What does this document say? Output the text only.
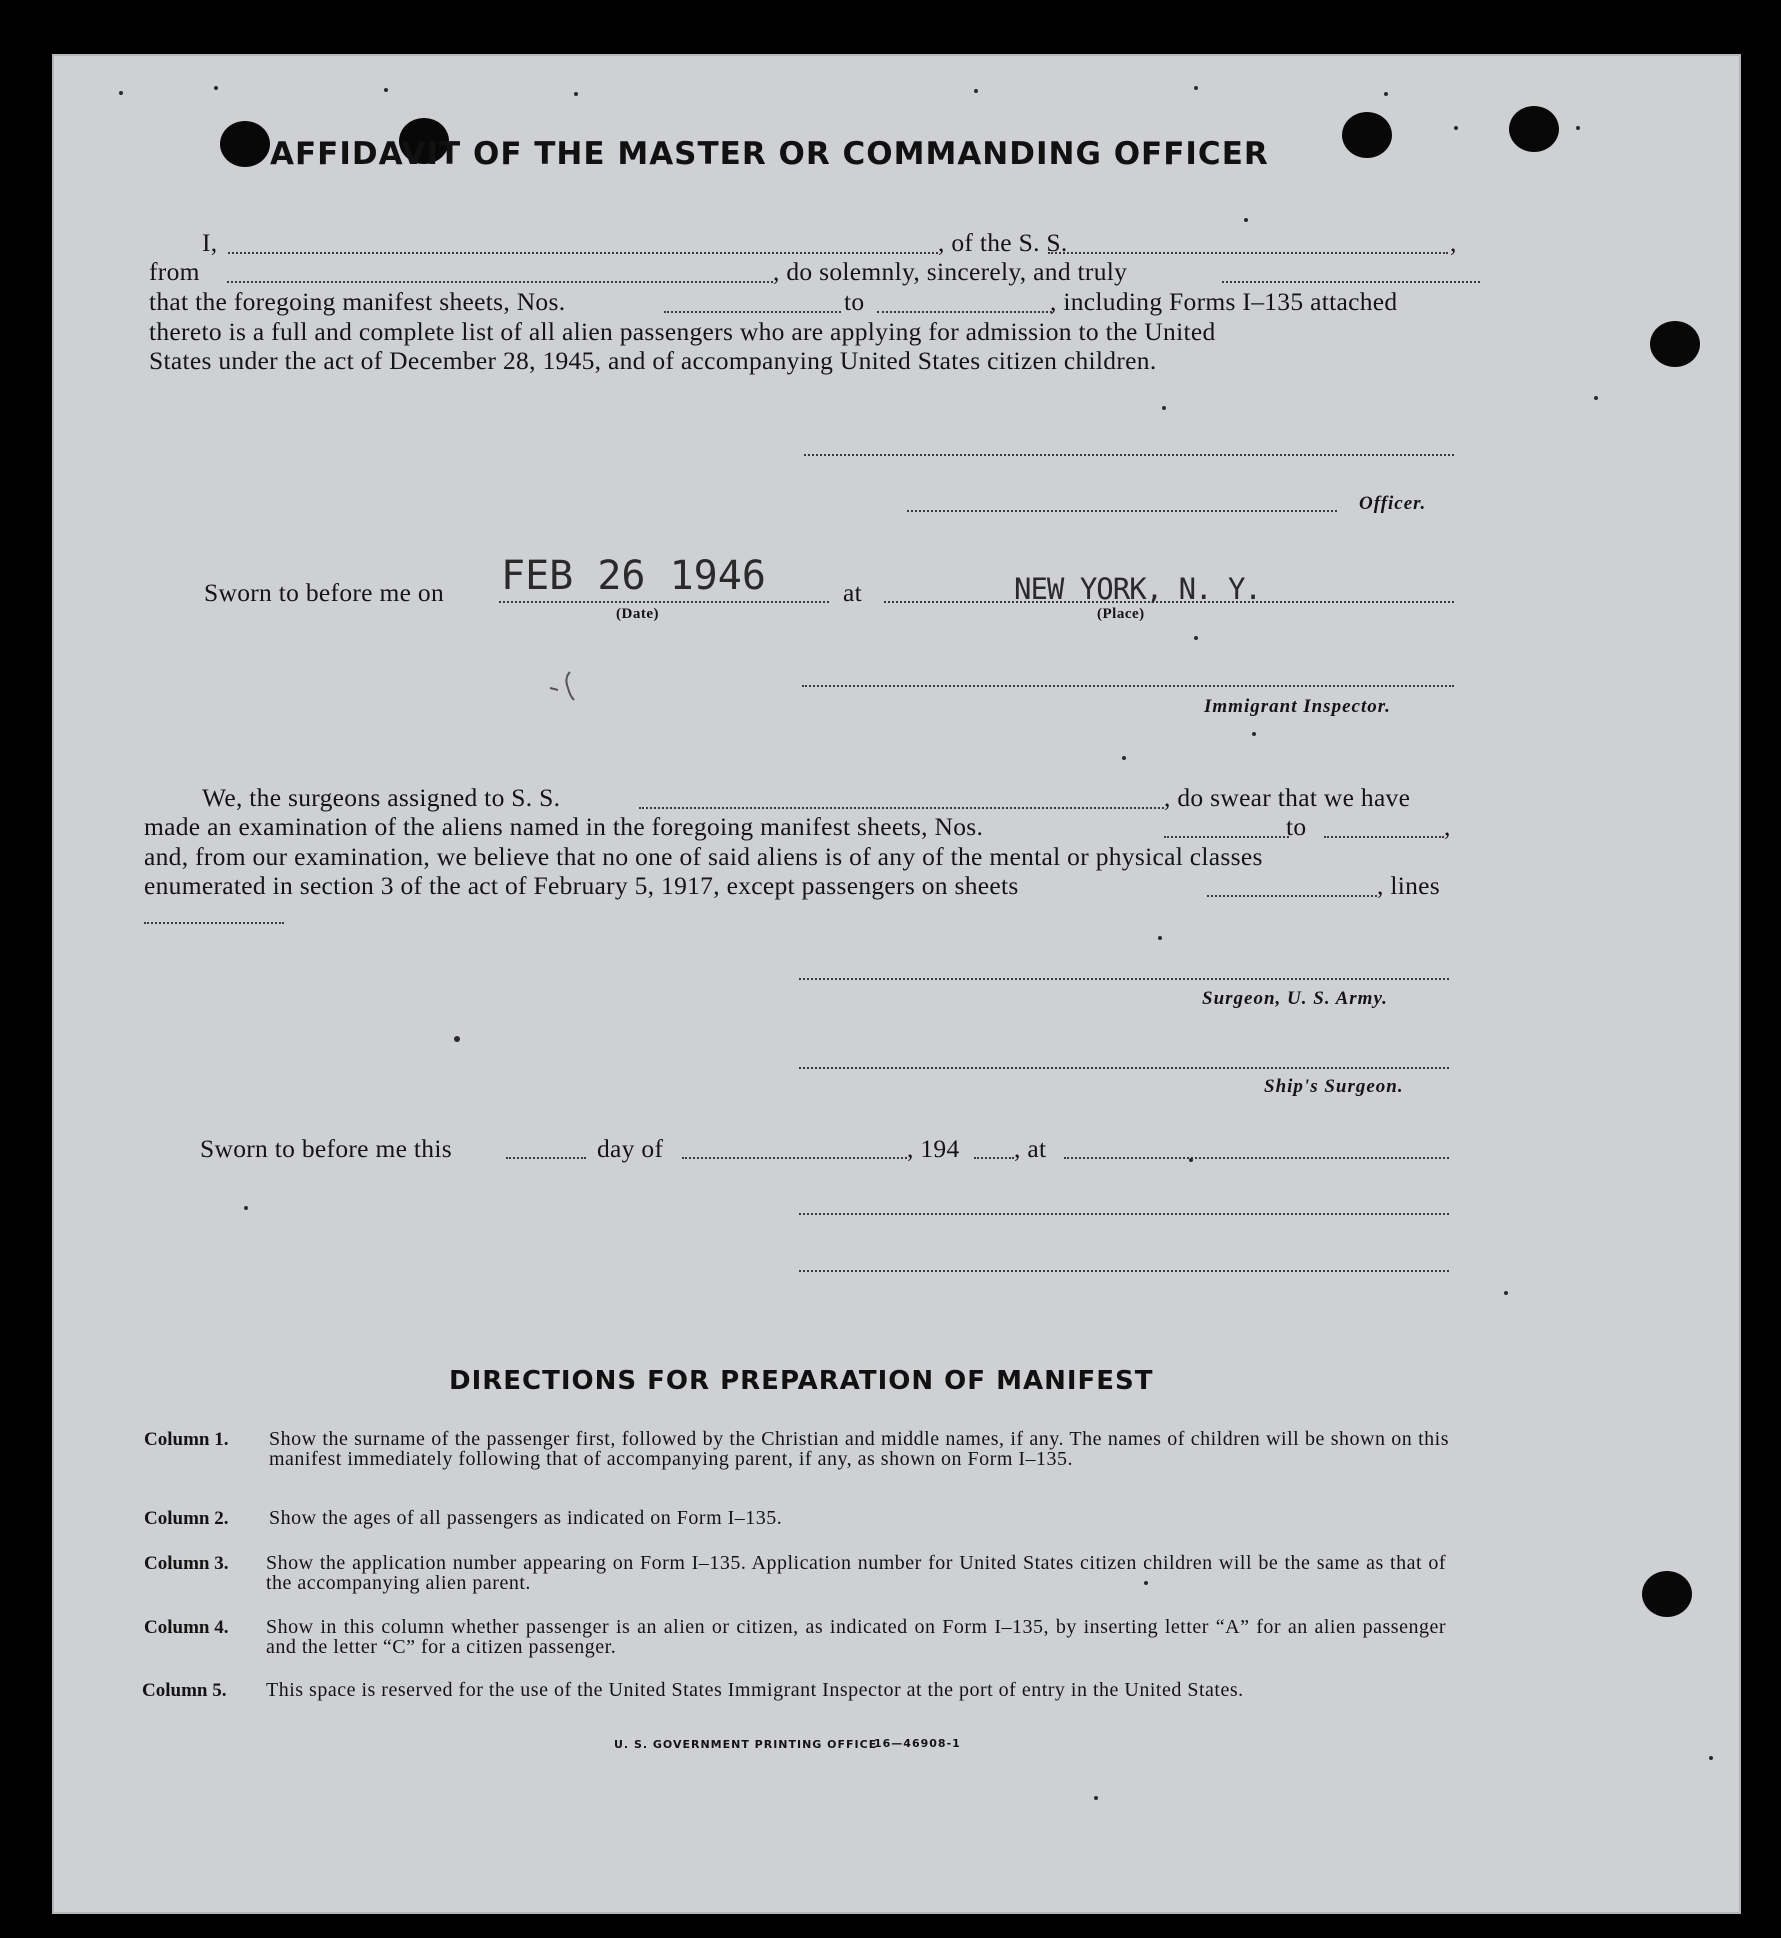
AFFIDAVIT OF THE MASTER OR COMMANDING OFFICER
I,	, of the S. S.	,
from	, do solemnly, sincerely, and truly
that the foregoing manifest sheets, Nos.	to	, including Forms I–135 attached
thereto is a full and complete list of all alien passengers who are applying for admission to the United
States under the act of December 28, 1945, and of accompanying United States citizen children.
Officer.
Sworn to before me on FEB 26 1946
(Date)
at	NEW YORK, N. Y.
(Place)
Immigrant Inspector.
We, the surgeons assigned to S. S.	, do swear that we have
made an examination of the aliens named in the foregoing manifest sheets, Nos.	to	,
and, from our examination, we believe that no one of said aliens is of any of the mental or physical classes
enumerated in section 3 of the act of February 5, 1917, except passengers on sheets	, lines
Surgeon, U. S. Army.
Ship's Surgeon.
Sworn to before me this	day of	, 194 , at
DIRECTIONS FOR PREPARATION OF MANIFEST
Column 1. Show the surname of the passenger first, followed by the Christian and middle names, if any. The names of children will be shown on this manifest immediately following that of accompanying parent, if any, as shown on Form I–135.
Column 2. Show the ages of all passengers as indicated on Form I–135.
Column 3. Show the application number appearing on Form I–135. Application number for United States citizen children will be the same as that of the accompanying alien parent.
Column 4. Show in this column whether passenger is an alien or citizen, as indicated on Form I–135, by inserting letter “A” for an alien passenger and the letter “C” for a citizen passenger.
Column 5. This space is reserved for the use of the United States Immigrant Inspector at the port of entry in the United States.
U. S. GOVERNMENT PRINTING OFFICE
16—46908-1
